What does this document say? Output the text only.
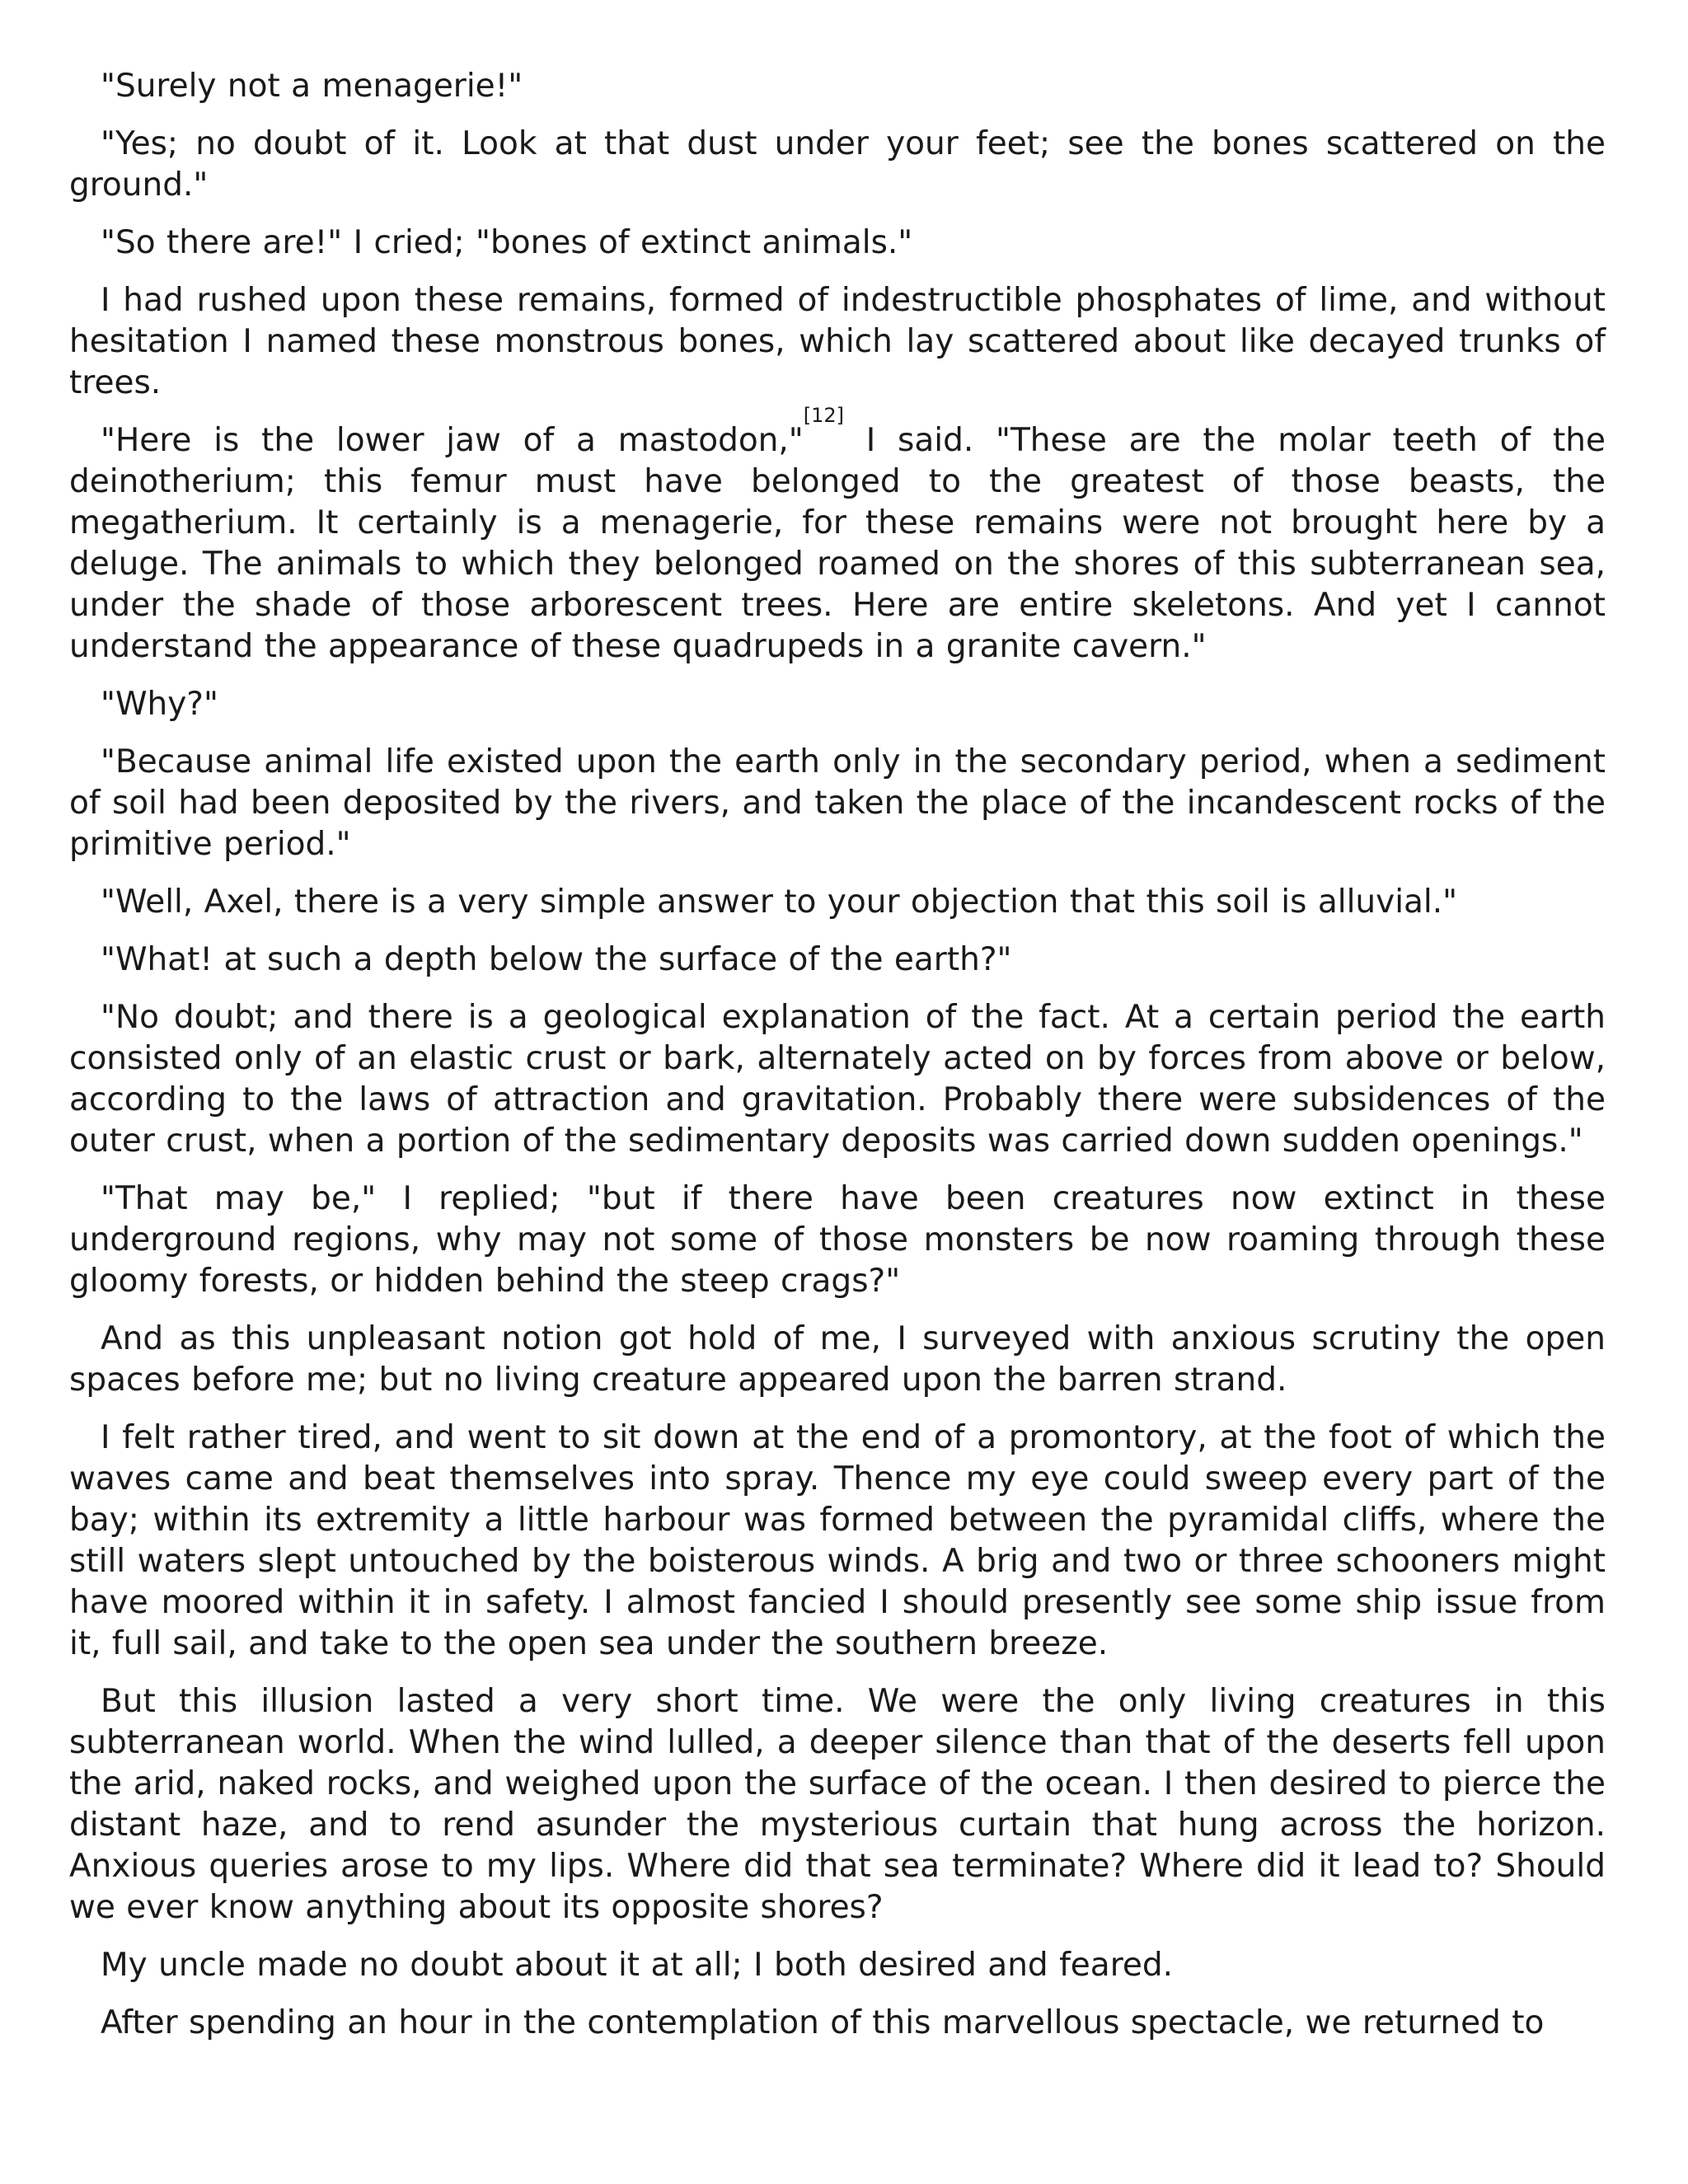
"Surely not a menagerie!"

"Yes; no doubt of it. Look at that dust under your feet; see the bones scattered on the ground."

"So there are!" I cried; "bones of extinct animals."

I had rushed upon these remains, formed of indestructible phosphates of lime, and without hesitation I named these monstrous bones, which lay scattered about like decayed trunks of trees.

"Here is the lower jaw of a mastodon,"[12] I said. "These are the molar teeth of the deinotherium; this femur must have belonged to the greatest of those beasts, the megatherium. It certainly is a menagerie, for these remains were not brought here by a deluge. The animals to which they belonged roamed on the shores of this subterranean sea, under the shade of those arborescent trees. Here are entire skeletons. And yet I cannot understand the appearance of these quadrupeds in a granite cavern."

"Why?"

"Because animal life existed upon the earth only in the secondary period, when a sediment of soil had been deposited by the rivers, and taken the place of the incandescent rocks of the primitive period."

"Well, Axel, there is a very simple answer to your objection that this soil is alluvial."

"What! at such a depth below the surface of the earth?"

"No doubt; and there is a geological explanation of the fact. At a certain period the earth consisted only of an elastic crust or bark, alternately acted on by forces from above or below, according to the laws of attraction and gravitation. Probably there were subsidences of the outer crust, when a portion of the sedimentary deposits was carried down sudden openings."

"That may be," I replied; "but if there have been creatures now extinct in these underground regions, why may not some of those monsters be now roaming through these gloomy forests, or hidden behind the steep crags?"

And as this unpleasant notion got hold of me, I surveyed with anxious scrutiny the open spaces before me; but no living creature appeared upon the barren strand.

I felt rather tired, and went to sit down at the end of a promontory, at the foot of which the waves came and beat themselves into spray. Thence my eye could sweep every part of the bay; within its extremity a little harbour was formed between the pyramidal cliffs, where the still waters slept untouched by the boisterous winds. A brig and two or three schooners might have moored within it in safety. I almost fancied I should presently see some ship issue from it, full sail, and take to the open sea under the southern breeze.

But this illusion lasted a very short time. We were the only living creatures in this subterranean world. When the wind lulled, a deeper silence than that of the deserts fell upon the arid, naked rocks, and weighed upon the surface of the ocean. I then desired to pierce the distant haze, and to rend asunder the mysterious curtain that hung across the horizon. Anxious queries arose to my lips. Where did that sea terminate? Where did it lead to? Should we ever know anything about its opposite shores?

My uncle made no doubt about it at all; I both desired and feared.

After spending an hour in the contemplation of this marvellous spectacle, we returned to
